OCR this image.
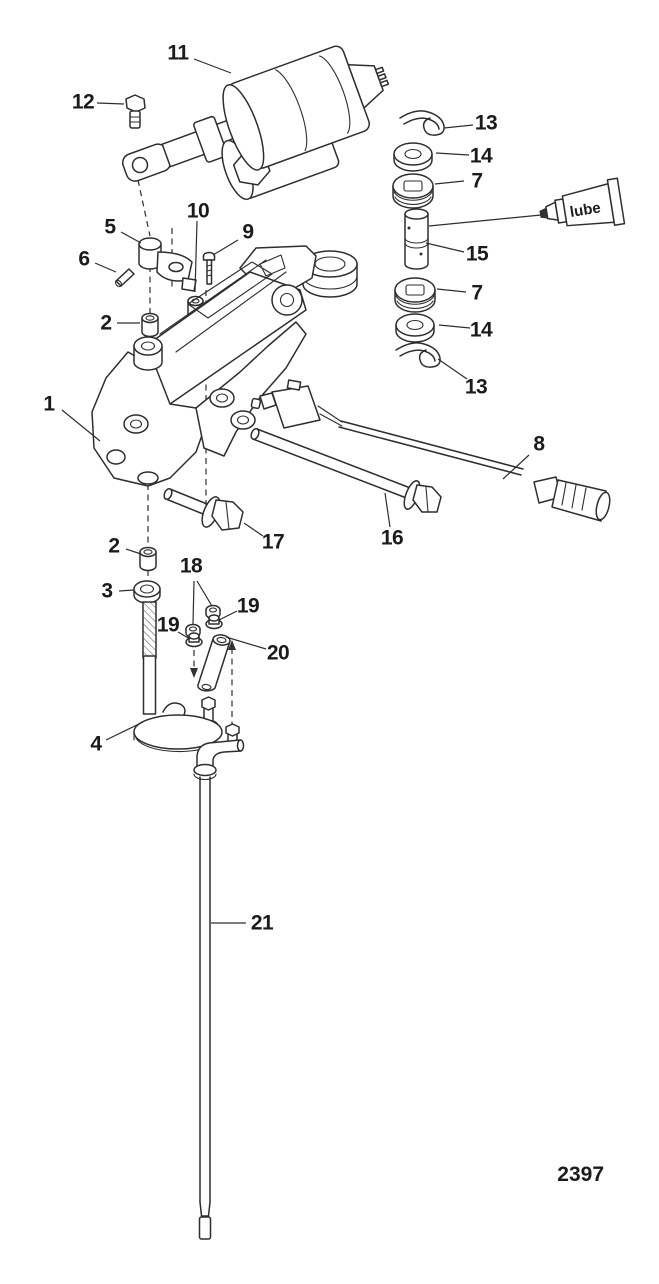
lube
1
2
2
3
4
5
6
7
7
8
9
10
11
12
13
13
14
14
15
16
17
18
19
19
20
21
2397
